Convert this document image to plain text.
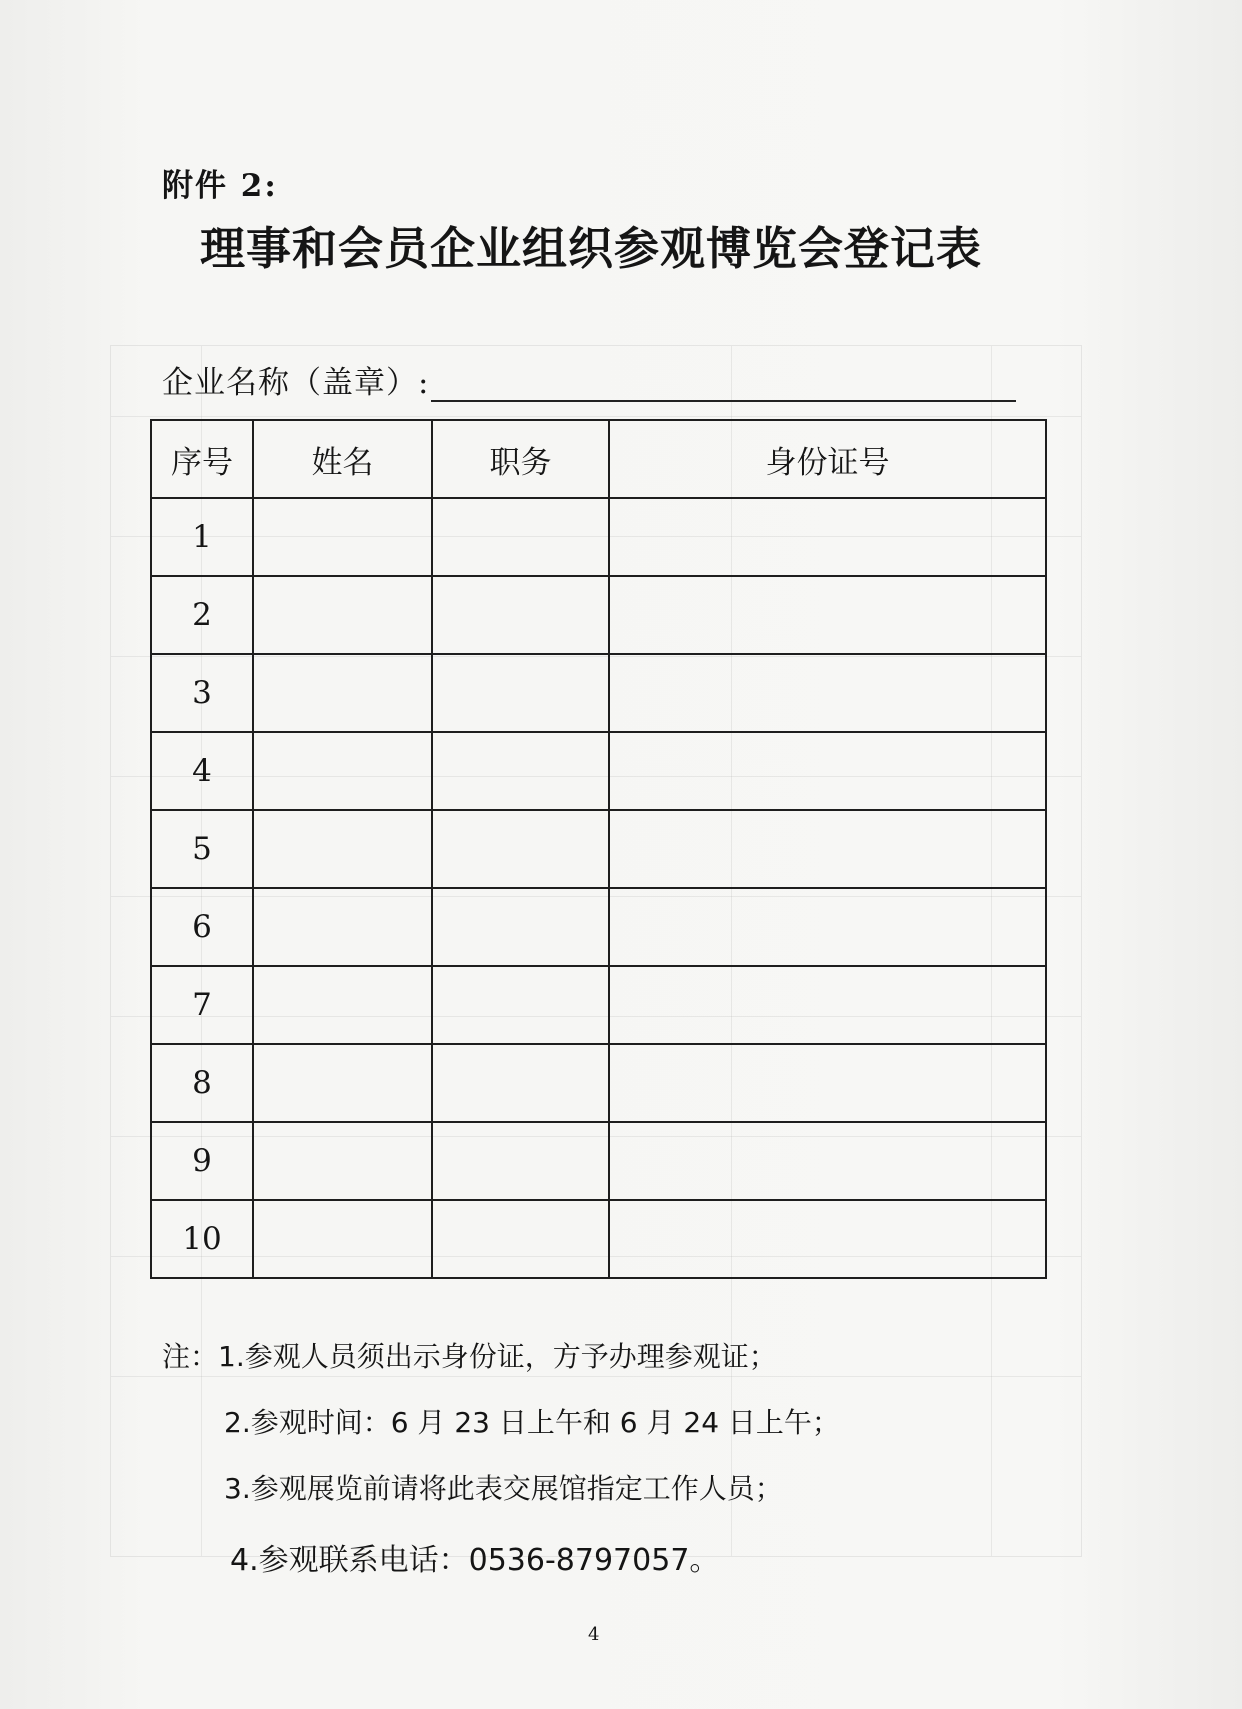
附件 2:
理事和会员企业组织参观博览会登记表
企业名称（盖章）:
序号	姓名	职务	身份证号
1			
2			
3			
4			
5			
6			
7			
8			
9			
10			
注：1.参观人员须出示身份证，方予办理参观证；
2.参观时间：6 月 23 日上午和 6 月 24 日上午；
3.参观展览前请将此表交展馆指定工作人员；
4.参观联系电话：0536-8797057。
4
